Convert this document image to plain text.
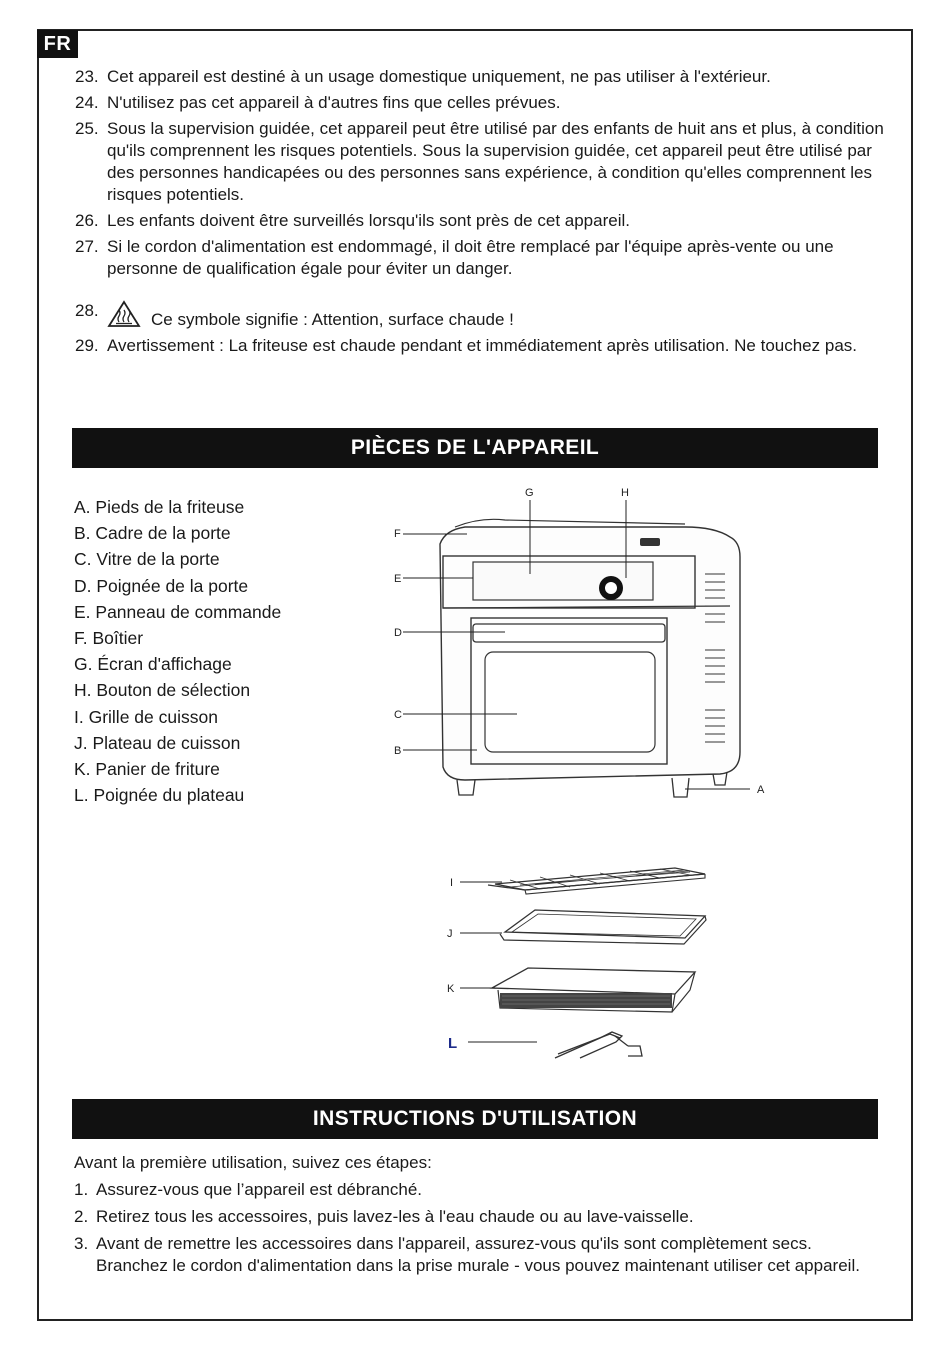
FR
23. Cet appareil est destiné à un usage domestique uniquement, ne pas utiliser à l'extérieur.
24. N'utilisez pas cet appareil à d'autres fins que celles prévues.
25. Sous la supervision guidée, cet appareil peut être utilisé par des enfants de huit ans et plus, à condition qu'ils comprennent les risques potentiels. Sous la supervision guidée, cet appareil peut être utilisé par des personnes handicapées ou des personnes sans expérience, à condition qu'elles comprennent les risques potentiels.
26. Les enfants doivent être surveillés lorsqu'ils sont près de cet appareil.
27. Si le cordon d'alimentation est endommagé, il doit être remplacé par l'équipe après-vente ou une personne de qualification égale pour éviter un danger.
28.	Ce symbole signifie : Attention, surface chaude !
29. Avertissement : La friteuse est chaude pendant et immédiatement après utilisation. Ne touchez pas.
PIÈCES DE L'APPAREIL
A. Pieds de la friteuse
B. Cadre de la porte
C. Vitre de la porte
D. Poignée de la porte
E. Panneau de commande
F. Boîtier
G. Écran d'affichage
H. Bouton de sélection
I. Grille de cuisson
J. Plateau de cuisson
K. Panier de friture
L. Poignée du plateau
F
E
D
C
B
G	H
A
I
J
K
L
INSTRUCTIONS D'UTILISATION

Avant la première utilisation, suivez ces étapes:

1. Assurez-vous que l’appareil est débranché.
2. Retirez tous les accessoires, puis lavez-les à l'eau chaude ou au lave-vaisselle.
3. Avant de remettre les accessoires dans l'appareil, assurez-vous qu'ils sont complètement secs. Branchez le cordon d'alimentation dans la prise murale - vous pouvez maintenant utiliser cet appareil.
